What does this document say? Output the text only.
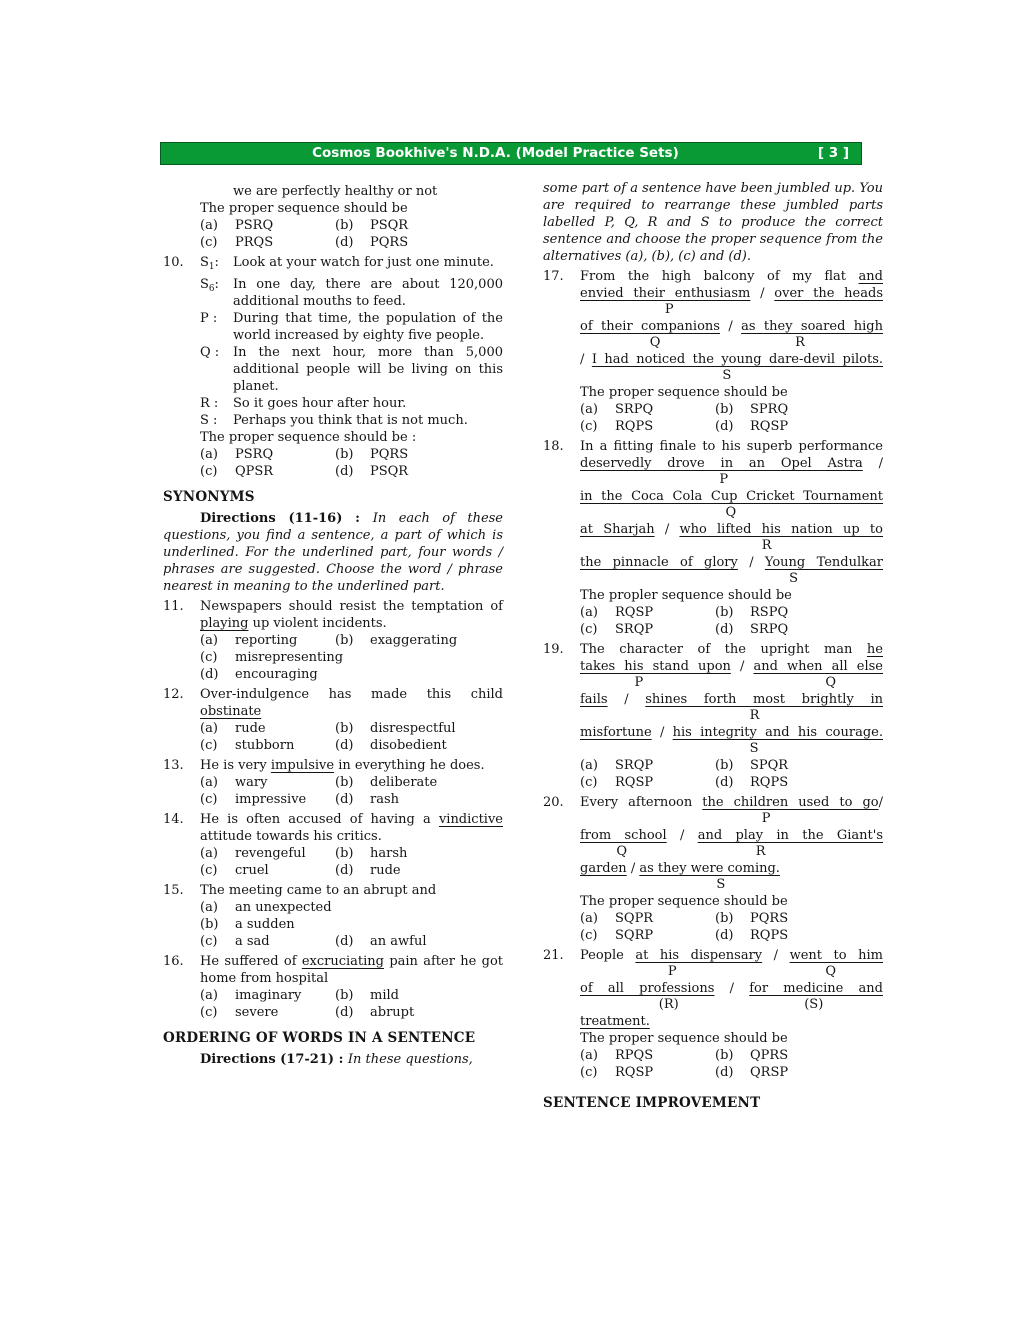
Cosmos Bookhive's N.D.A. (Model Practice Sets)	[ 3 ]
we are perfectly healthy or not
The proper sequence should be
(a)	PSRQ	(b)	PSQR
(c)	PRQS	(d)	PQRS
10.	$S_1$:	Look at your watch for just one minute.
$S_6$:	In one day, there are about 120,000 additional mouths to feed.
P :	During that time, the population of the world increased by eighty five people.
Q :	In the next hour, more than 5,000 additional people will be living on this planet.
R :	So it goes hour after hour.
S :	Perhaps you think that is not much.
The proper sequence should be :
(a)	PSRQ	(b)	PQRS
(c)	QPSR	(d)	PSQR
SYNONYMS
Directions (11-16) : In each of these questions, you find a sentence, a part of which is underlined. For the underlined part, four words / phrases are suggested. Choose the word / phrase nearest in meaning to the underlined part.
11.	Newspapers should resist the temptation of playing up violent incidents.
(a)	reporting	(b)	exaggerating
(c)	misrepresenting
(d)	encouraging
12.	Over-indulgence has made this child obstinate
(a)	rude	(b)	disrespectful
(c)	stubborn	(d)	disobedient
13.	He is very impulsive in everything he does.
(a)	wary	(b)	deliberate
(c)	impressive	(d)	rash
14.	He is often accused of having a vindictive attitude towards his critics.
(a)	revengeful	(b)	harsh
(c)	cruel	(d)	rude
15.	The meeting came to an abrupt and
(a)	an unexpected
(b)	a sudden
(c)	a sad	(d)	an awful
16.	He suffered of excruciating pain after he got home from hospital
(a)	imaginary	(b)	mild
(c)	severe	(d)	abrupt
ORDERING OF WORDS IN A SENTENCE
Directions (17-21) : In these questions,
some part of a sentence have been jumbled up. You are required to rearrange these jumbled parts labelled P, Q, R and S to produce the correct sentence and choose the proper sequence from the alternatives (a), (b), (c) and (d).
17.	From the high balcony of my flat and
envied their enthusiasm / over the heads
P
of their companions / as they soared high
Q	R
/ I had noticed the young dare-devil pilots.
S
The proper sequence should be
(a)	SRPQ	(b)	SPRQ
(c)	RQPS	(d)	RQSP
18.	In a fitting finale to his superb performance
deservedly drove in an Opel Astra /
P
in the Coca Cola Cup Cricket Tournament
Q
at Sharjah / who lifted his nation up to
R
the pinnacle of glory / Young Tendulkar
S
The propler sequence should be
(a)	RQSP	(b)	RSPQ
(c)	SRQP	(d)	SRPQ
19.	The character of the upright man he
takes his stand upon / and when all else
P	Q
fails / shines forth most brightly in
R
misfortune / his integrity and his courage.
S
(a)	SRQP	(b)	SPQR
(c)	RQSP	(d)	RQPS
20.	Every afternoon the children used to go/
P
from school / and play in the Giant's
Q	R
garden / as they were coming.
S
The proper sequence should be
(a)	SQPR	(b)	PQRS
(c)	SQRP	(d)	RQPS
21.	People at his dispensary / went to him
P	Q
of all professions / for medicine and
(R)	(S)
treatment.
The proper sequence should be
(a)	RPQS	(b)	QPRS
(c)	RQSP	(d)	QRSP
SENTENCE IMPROVEMENT
